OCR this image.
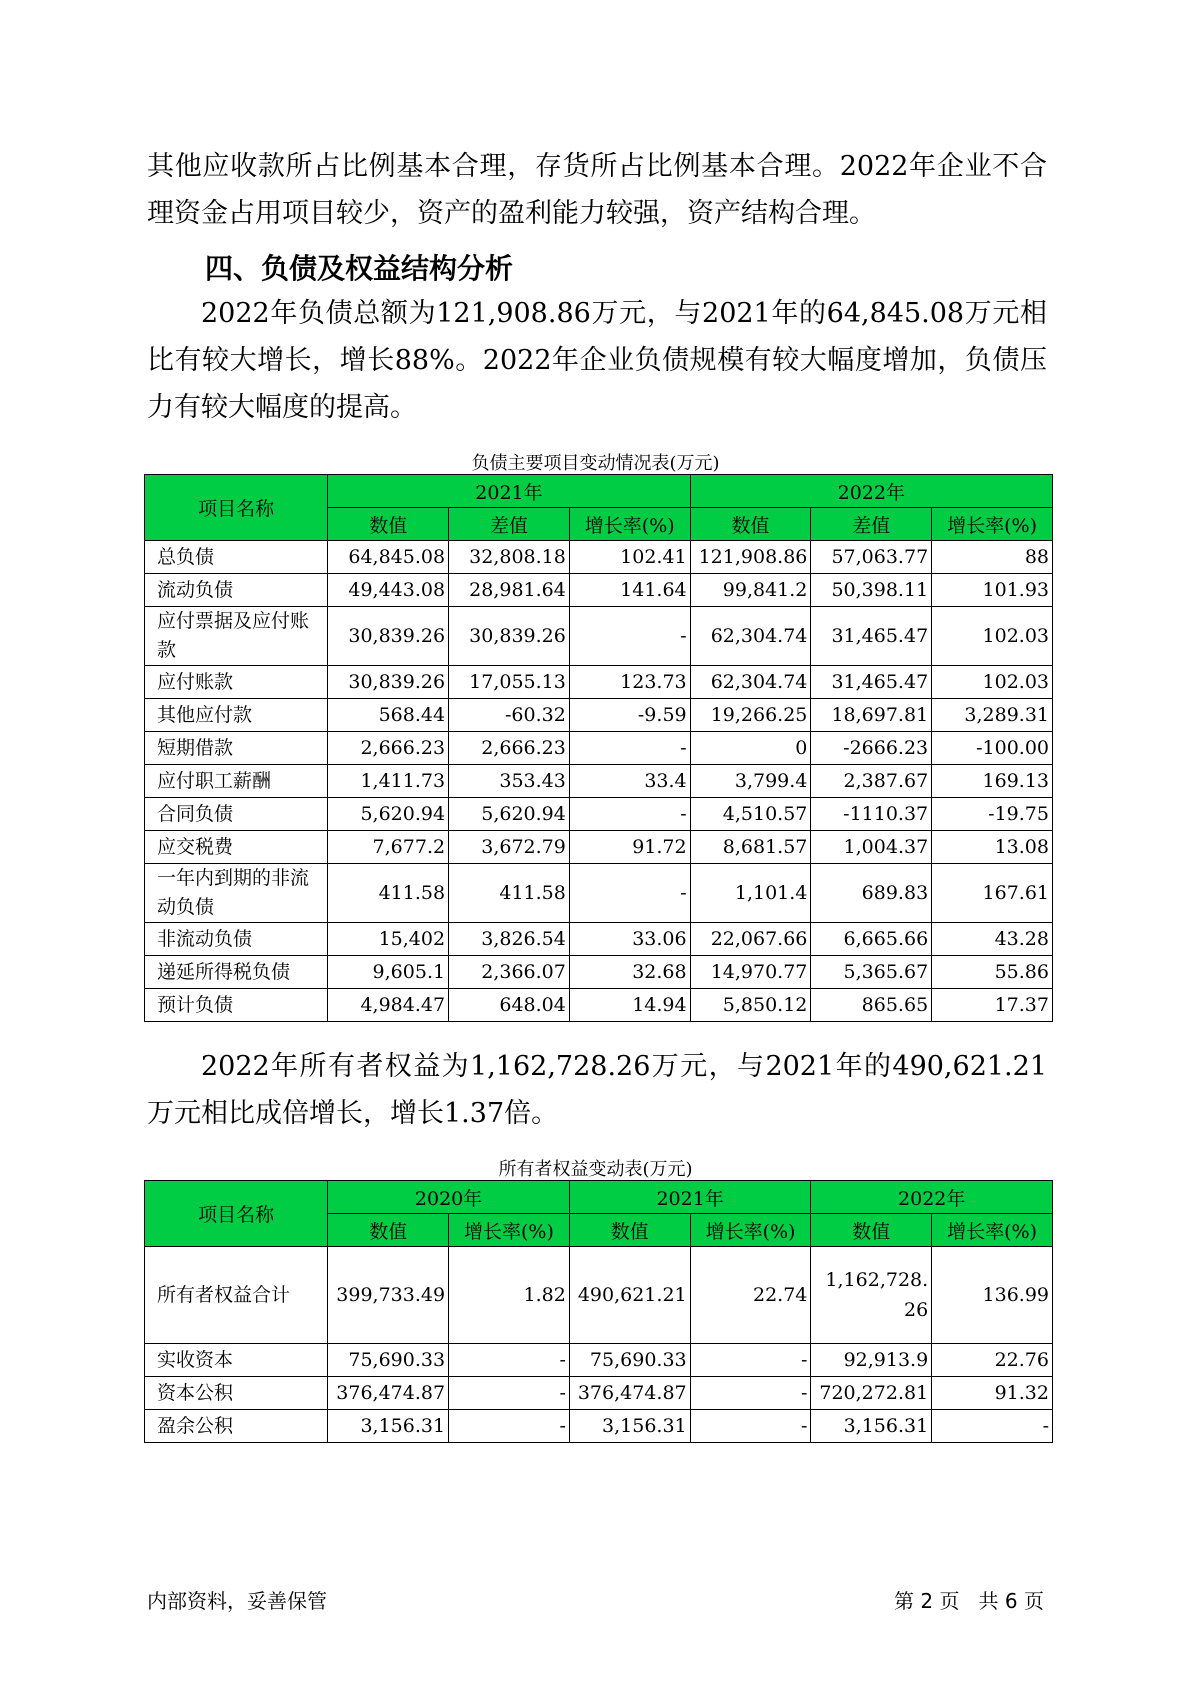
其他应收款所占比例基本合理，存货所占比例基本合理。2022年企业不合理资金占用项目较少，资产的盈利能力较强，资产结构合理。

四、负债及权益结构分析

2022年负债总额为121,908.86万元，与2021年的64,845.08万元相比有较大增长，增长88%。2022年企业负债规模有较大幅度增加，负债压力有较大幅度的提高。

负债主要项目变动情况表(万元)

项目名称	2021年			2022年		
	数值	差值	增长率(%)	数值	差值	增长率(%)
总负债	64,845.08	32,808.18	102.41	121,908.86	57,063.77	88
流动负债	49,443.08	28,981.64	141.64	99,841.2	50,398.11	101.93
应付票据及应付账款	30,839.26	30,839.26	-	62,304.74	31,465.47	102.03
应付账款	30,839.26	17,055.13	123.73	62,304.74	31,465.47	102.03
其他应付款	568.44	-60.32	-9.59	19,266.25	18,697.81	3,289.31
短期借款	2,666.23	2,666.23	-	0	-2666.23	-100.00
应付职工薪酬	1,411.73	353.43	33.4	3,799.4	2,387.67	169.13
合同负债	5,620.94	5,620.94	-	4,510.57	-1110.37	-19.75
应交税费	7,677.2	3,672.79	91.72	8,681.57	1,004.37	13.08
一年内到期的非流动负债	411.58	411.58	-	1,101.4	689.83	167.61
非流动负债	15,402	3,826.54	33.06	22,067.66	6,665.66	43.28
递延所得税负债	9,605.1	2,366.07	32.68	14,970.77	5,365.67	55.86
预计负债	4,984.47	648.04	14.94	5,850.12	865.65	17.37

2022年所有者权益为1,162,728.26万元，与2021年的490,621.21万元相比成倍增长，增长1.37倍。

所有者权益变动表(万元)

项目名称	2020年		2021年		2022年	
	数值	增长率(%)	数值	增长率(%)	数值	增长率(%)
所有者权益合计	399,733.49	1.82	490,621.21	22.74	1,162,728.26	136.99
实收资本	75,690.33	-	75,690.33	-	92,913.9	22.76
资本公积	376,474.87	-	376,474.87	-	720,272.81	91.32
盈余公积	3,156.31	-	3,156.31	-	3,156.31	-

内部资料，妥善保管	第 2 页   共 6 页
